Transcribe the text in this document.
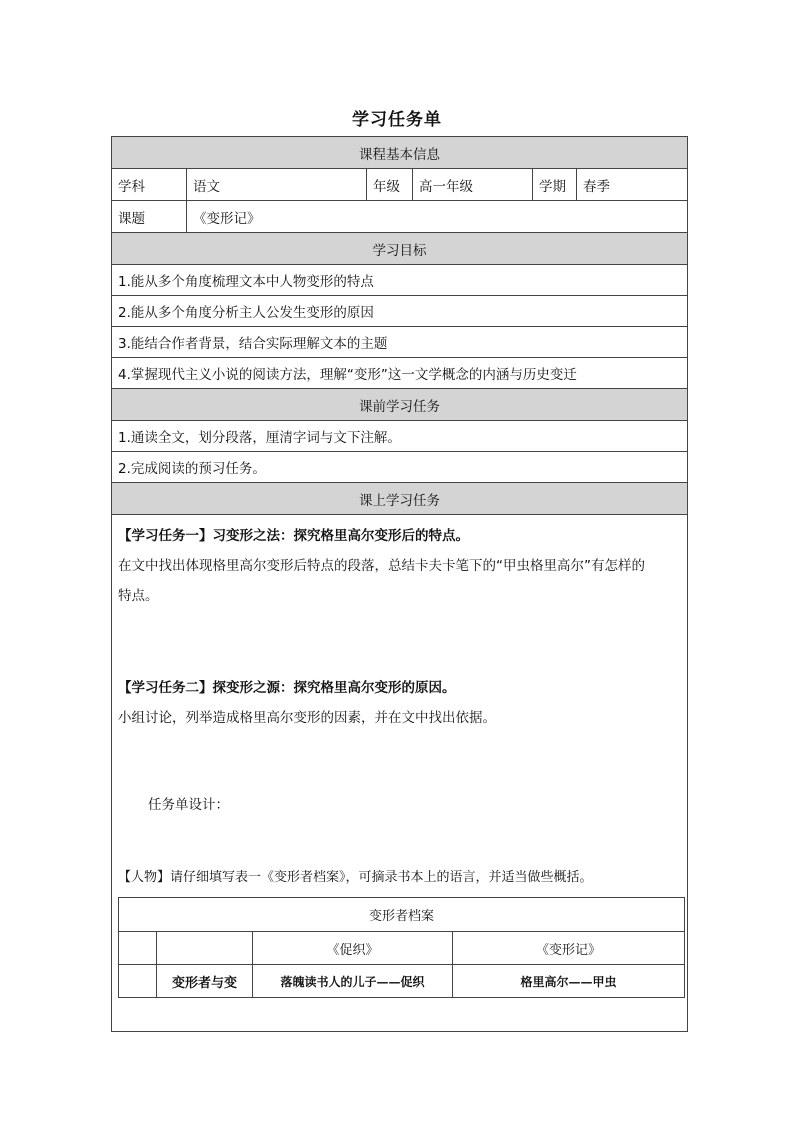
学习任务单
课程基本信息
学科	语文	年级	高一年级	学期	春季
课题	《变形记》
学习目标
1.能从多个角度梳理文本中人物变形的特点
2.能从多个角度分析主人公发生变形的原因
3.能结合作者背景，结合实际理解文本的主题
4.掌握现代主义小说的阅读方法，理解“变形”这一文学概念的内涵与历史变迁
课前学习任务
1.通读全文，划分段落，厘清字词与文下注解。
2.完成阅读的预习任务。
课上学习任务

【学习任务一】习变形之法：探究格里高尔变形后的特点。

在文中找出体现格里高尔变形后特点的段落，总结卡夫卡笔下的“甲虫格里高尔”有怎样的

特点。

【学习任务二】探变形之源：探究格里高尔变形的原因。

小组讨论，列举造成格里高尔变形的因素，并在文中找出依据。

任务单设计：

【人物】请仔细填写表一《变形者档案》，可摘录书本上的语言，并适当做些概括。

变形者档案
		《促织》	《变形记》
	变形者与变	落魄读书人的儿子——促织	格里高尔——甲虫
